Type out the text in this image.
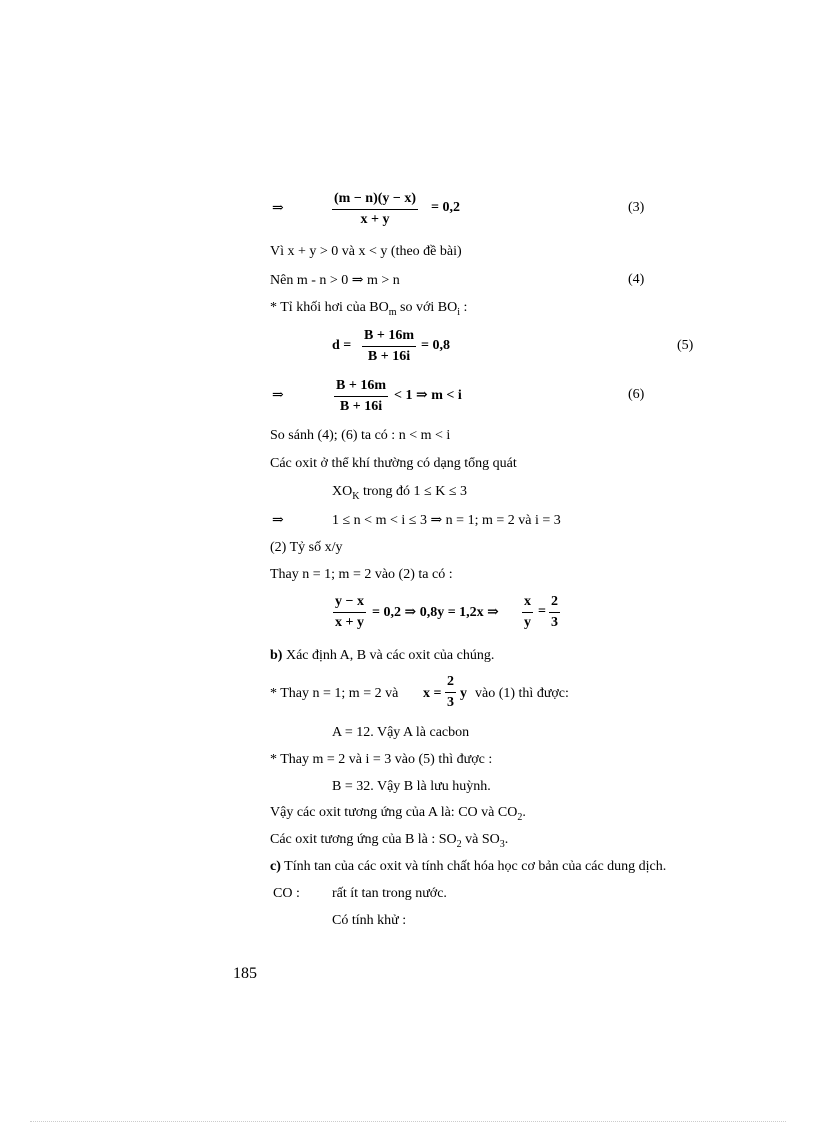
⇒	$\frac{(m - n)(y - x)}{x + y} = 0,2$	(3)
Vì x + y > 0 và x < y (theo đề bài)
Nên m - n > 0 ⇒ m > n	(4)
* Tỉ khối hơi của $BO_m$ so với $BO_i$ :
$d = \frac{B + 16m}{B + 16i} = 0,8$	(5)
⇒	$\frac{B + 16m}{B + 16i} < 1$ ⇒ m < i	(6)
So sánh (4); (6) ta có : n < m < i
Các oxit ở thể khí thường có dạng tổng quát
$XO_K$ trong đó 1 ≤ K ≤ 3
⇒	1 ≤ n < m < i ≤ 3 ⇒ n = 1; m = 2 và i = 3
(2) Tỷ số x/y
Thay n = 1; m = 2 vào (2) ta có :
$\frac{y - x}{x + y} = 0,2$ ⇒ 0,8y = 1,2x ⇒ $\frac{x}{y} = \frac{2}{3}$
b) Xác định A, B và các oxit của chúng.
* Thay n = 1; m = 2 và $x = \frac{2}{3}$ y vào (1) thì được:
A = 12. Vậy A là cacbon
* Thay m = 2 và i = 3 vào (5) thì được :
B = 32. Vậy B là lưu huỳnh.
Vậy các oxit tương ứng của A là: CO và $CO_2$.
Các oxit tương ứng của B là : $SO_2$ và $SO_3$.
c) Tính tan của các oxit và tính chất hóa học cơ bản của các dung dịch.
CO : rất ít tan trong nước.
Có tính khử :
185
